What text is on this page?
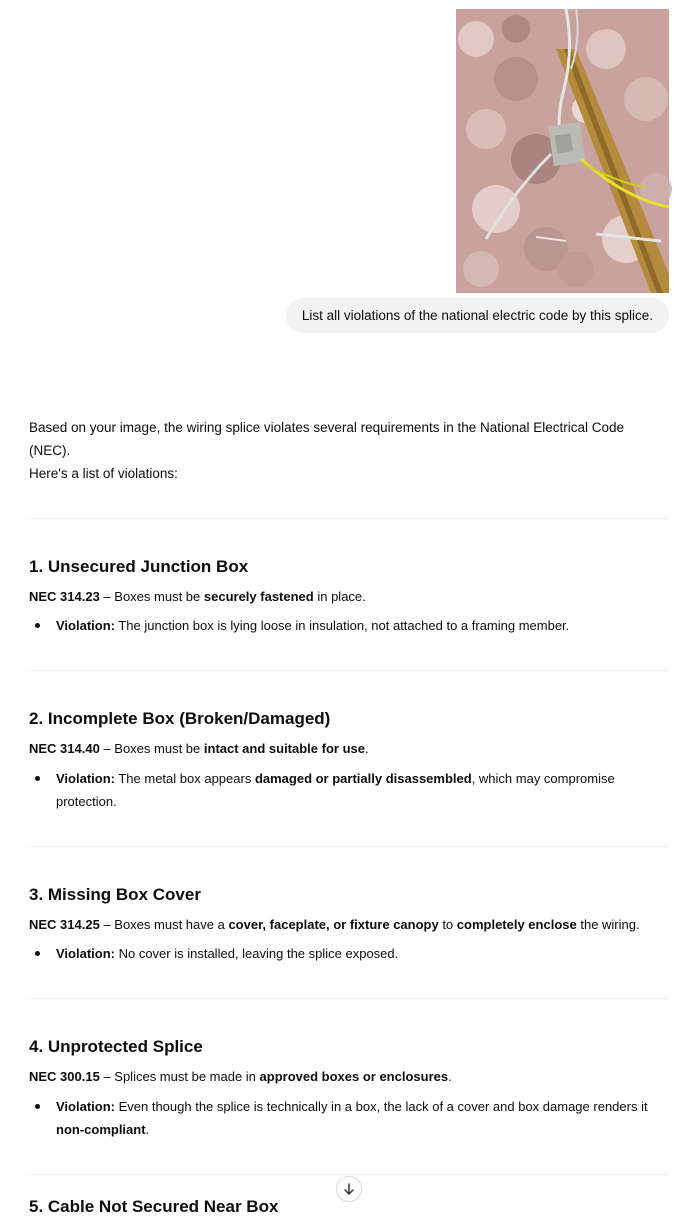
List all violations of the national electric code by this splice.

Based on your image, the wiring splice violates several requirements in the National Electrical Code (NEC).
Here's a list of violations:

1. Unsecured Junction Box

NEC 314.23 – Boxes must be securely fastened in place.

Violation: The junction box is lying loose in insulation, not attached to a framing member.
2. Incomplete Box (Broken/Damaged)

NEC 314.40 – Boxes must be intact and suitable for use.

Violation: The metal box appears damaged or partially disassembled, which may compromise
protection.
3. Missing Box Cover

NEC 314.25 – Boxes must have a cover, faceplate, or fixture canopy to completely enclose the wiring.

Violation: No cover is installed, leaving the splice exposed.
4. Unprotected Splice

NEC 300.15 – Splices must be made in approved boxes or enclosures.

Violation: Even though the splice is technically in a box, the lack of a cover and box damage renders it
non-compliant.
5. Cable Not Secured Near Box
